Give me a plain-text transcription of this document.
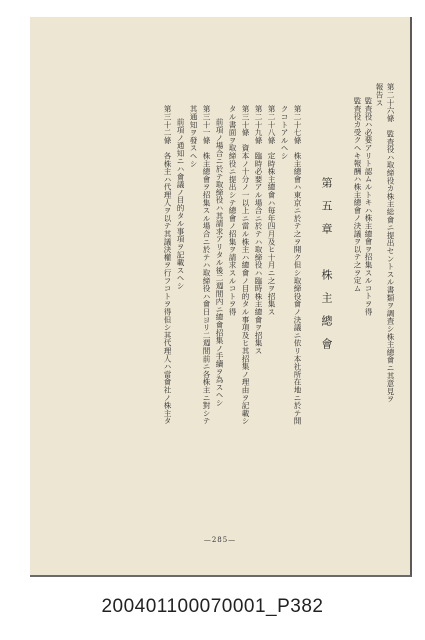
第二十六條　監査役ハ取締役カ株主総會ニ提出セントスル書類ヲ調査シ株主總會ニ其意見ヲ
報告ス
監査役ハ必要アリト認ムルトキハ株主總會ヲ招集スルコトヲ得
監査役カ受クヘキ報酬ハ株主總會ノ決議ヲ以テ之ヲ定ム
第五章　株主總會
第二十七條　株主總會ハ東京ニ於テ之ヲ開ク但シ取締役會ノ決議ニ依リ本社所在地ニ於テ開
クコトアルヘシ
第二十八條　定時株主總會ハ毎年四月及ヒ十月ニ之ヲ招集ス
第二十九條　臨時必要アル場合ニ於テハ取締役ハ臨時株主總會ヲ招集ス
第三十條　資本ノ十分ノ一以上ニ當ル株主ハ總會ノ目的タル事項及ヒ其招集ノ理由ヲ記載シ
タル書面ヲ取締役ニ提出シテ總會ノ招集ヲ請求スルコトヲ得
前項ノ場合ニ於テ取締役ハ其請求アリタル後二週間内ニ總會招集ノ手續ヲ為スヘシ
第三十一條　株主總會ヲ招集スル場合ニ於テハ取締役ハ會日ヨリ二週間前ニ各株主ニ對シテ
其通知ヲ發スヘシ
前項ノ通知ニハ會議ノ目的タル事項ヲ記載スヘシ
第三十二條　各株主ハ代理人ヲ以テ其議決權ヲ行フコトヲ得但シ其代理人ハ當會社ノ株主タ
—285—
200401100070001_P382
